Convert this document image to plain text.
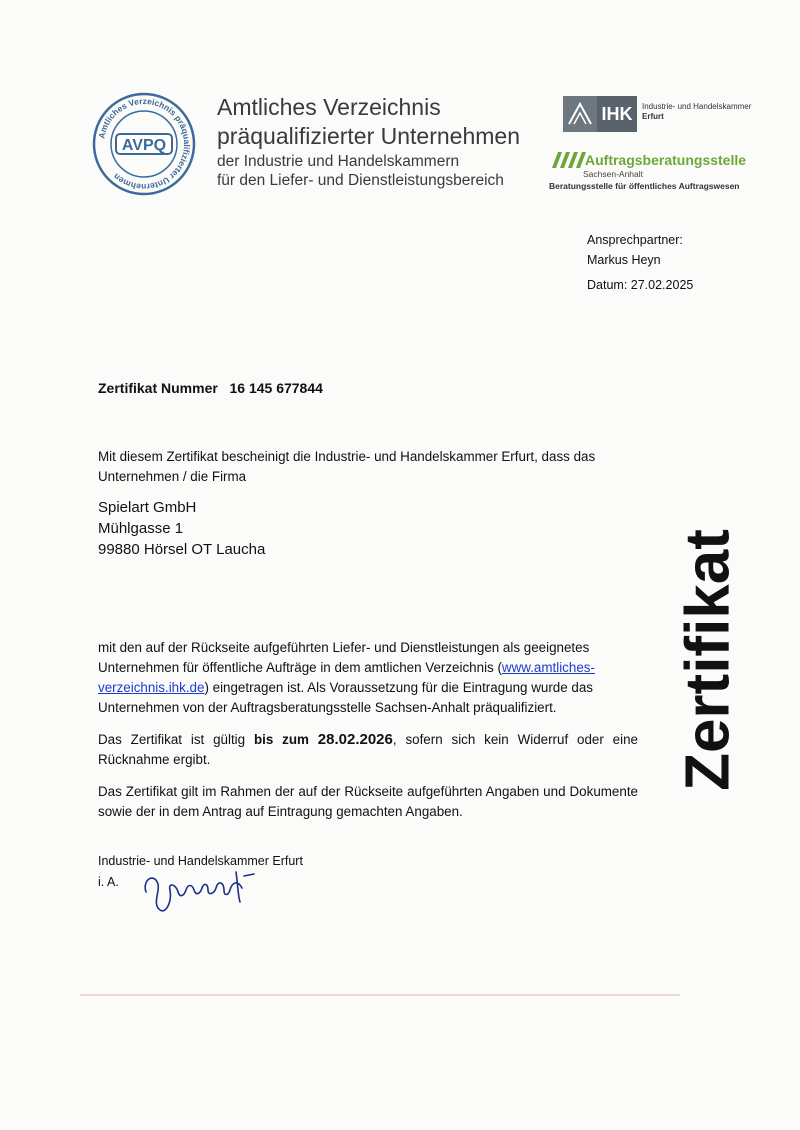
Amtliches Verzeichnis präqualifizierter Unternehmen
AVPQ
Amtliches Verzeichnis
präqualifizierter Unternehmen
der Industrie und Handelskammern
für den Liefer- und Dienstleistungsbereich
IHK	Industrie- und Handelskammer
Erfurt
Auftragsberatungsstelle
Sachsen-Anhalt
Beratungsstelle für öffentliches Auftragswesen
Ansprechpartner:
Markus Heyn
Datum: 27.02.2025
Zertifikat Nummer 16 145 677844
Mit diesem Zertifikat bescheinigt die Industrie- und Handelskammer Erfurt, dass das Unternehmen / die Firma
Spielart GmbH
Mühlgasse 1
99880 Hörsel OT Laucha
mit den auf der Rückseite aufgeführten Liefer- und Dienstleistungen als geeignetes Unternehmen für öffentliche Aufträge in dem amtlichen Verzeichnis (www.amtliches-verzeichnis.ihk.de) eingetragen ist. Als Voraussetzung für die Eintragung wurde das Unternehmen von der Auftragsberatungsstelle Sachsen-Anhalt präqualifiziert.
Das Zertifikat ist gültig bis zum 28.02.2026, sofern sich kein Widerruf oder eine Rücknahme ergibt.
Das Zertifikat gilt im Rahmen der auf der Rückseite aufgeführten Angaben und Dokumente sowie der in dem Antrag auf Eintragung gemachten Angaben.
Zertifikat
Industrie- und Handelskammer Erfurt
i. A.
